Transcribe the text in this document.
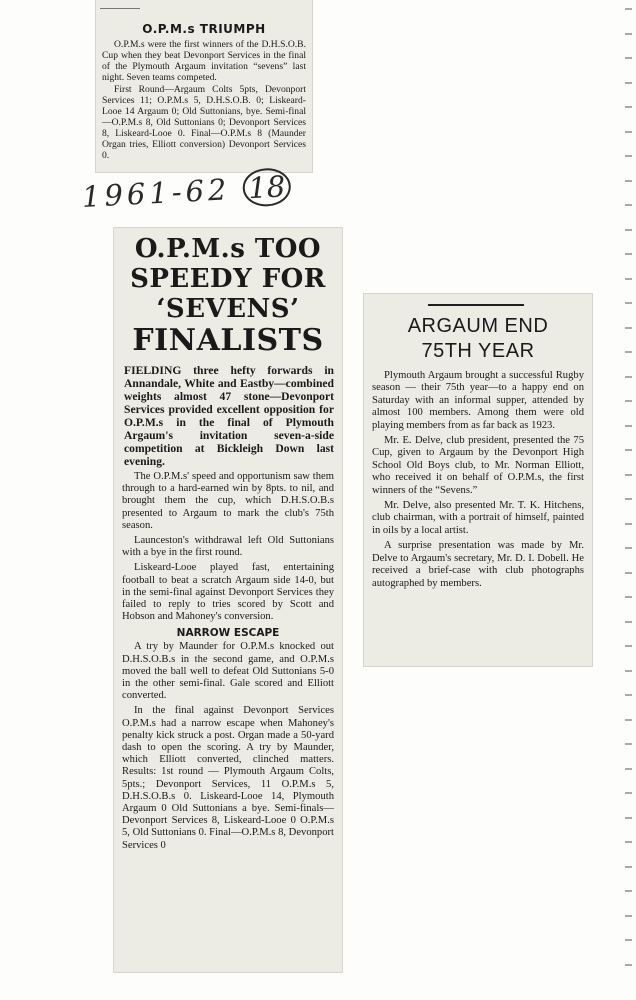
O.P.M.s TRIUMPH

O.P.M.s were the first winners of the D.H.S.O.B. Cup when they beat Devonport Services in the final of the Plymouth Argaum invitation “sevens” last night. Seven teams competed.

First Round—Argaum Colts 5pts, Devonport Services 11; O.P.M.s 5, D.H.S.O.B. 0; Liskeard-Looe 14 Argaum 0; Old Suttonians, bye. Semi-final—O.P.M.s 8, Old Suttonians 0; Devonport Services 8, Liskeard-Looe 0. Final—O.P.M.s 8 (Maunder Organ tries, Elliott conversion) Devonport Services 0.

1961-62 18
O.P.M.s TOO
SPEEDY FOR
‘SEVENS’
FINALISTS

FIELDING three hefty forwards in Annandale, White and Eastby—combined weights almost 47 stone—Devonport Services provided excellent opposition for O.P.M.s in the final of Plymouth Argaum's invitation seven-a-side competition at Bickleigh Down last evening.

The O.P.M.s' speed and opportunism saw them through to a hard-earned win by 8pts. to nil, and brought them the cup, which D.H.S.O.B.s presented to Argaum to mark the club's 75th season.

Launceston's withdrawal left Old Suttonians with a bye in the first round.

Liskeard-Looe played fast, entertaining football to beat a scratch Argaum side 14-0, but in the semi-final against Devonport Services they failed to reply to tries scored by Scott and Hobson and Mahoney's conversion.

NARROW ESCAPE

A try by Maunder for O.P.M.s knocked out D.H.S.O.B.s in the second game, and O.P.M.s moved the ball well to defeat Old Suttonians 5-0 in the other semi-final. Gale scored and Elliott converted.

In the final against Devonport Services O.P.M.s had a narrow escape when Mahoney's penalty kick struck a post. Organ made a 50-yard dash to open the scoring. A try by Maunder, which Elliott converted, clinched matters. Results: 1st round — Plymouth Argaum Colts, 5pts.; Devonport Services, 11 O.P.M.s 5, D.H.S.O.B.s 0. Liskeard-Looe 14, Plymouth Argaum 0 Old Suttonians a bye. Semi-finals—Devonport Services 8, Liskeard-Looe 0 O.P.M.s 5, Old Suttonians 0. Final—O.P.M.s 8, Devonport Services 0

ARGAUM END
75TH YEAR

Plymouth Argaum brought a successful Rugby season — their 75th year—to a happy end on Saturday with an informal supper, attended by almost 100 members. Among them were old playing members from as far back as 1923.

Mr. E. Delve, club president, presented the 75 Cup, given to Argaum by the Devonport High School Old Boys club, to Mr. Norman Elliott, who received it on behalf of O.P.M.s, the first winners of the “Sevens.”

Mr. Delve, also presented Mr. T. K. Hitchens, club chairman, with a portrait of himself, painted in oils by a local artist.

A surprise presentation was made by Mr. Delve to Argaum's secretary, Mr. D. I. Dobell. He received a brief-case with club photographs autographed by members.
